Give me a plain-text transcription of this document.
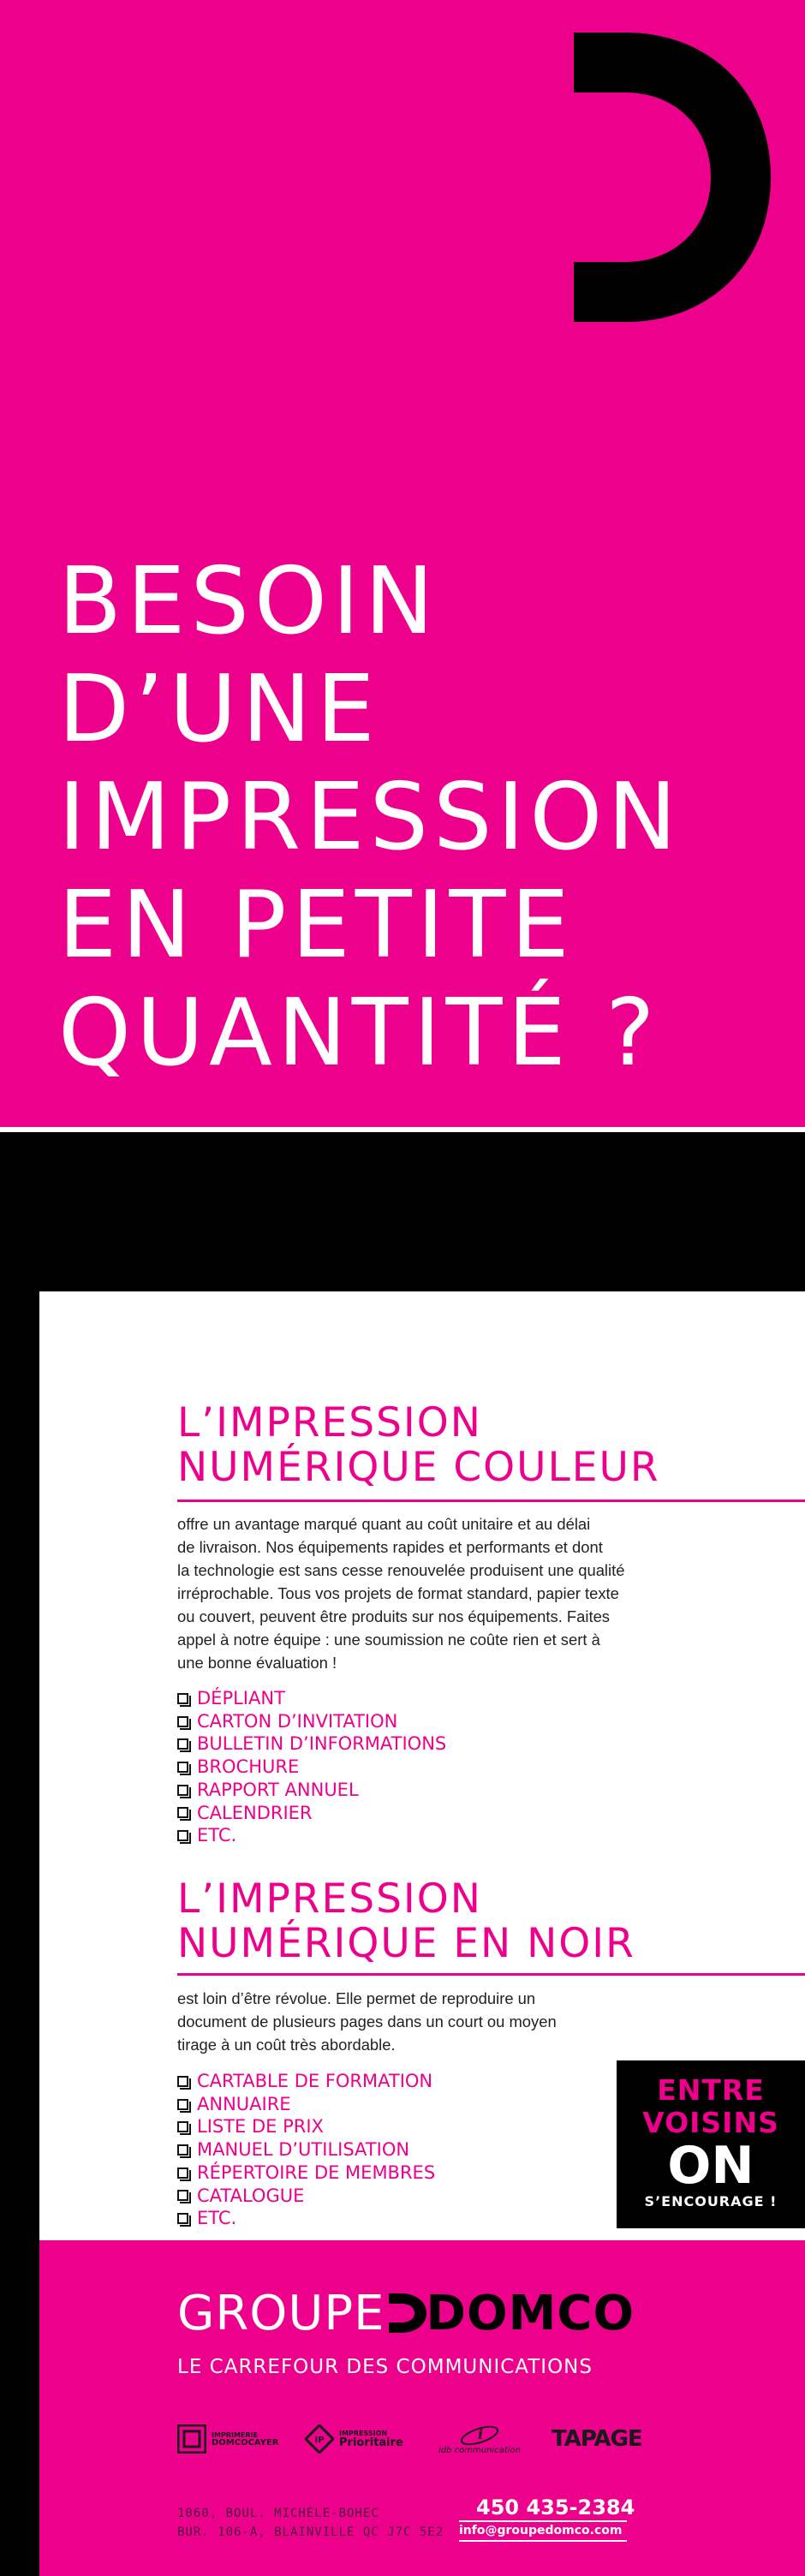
BESOIN
D’UNE
IMPRESSION
EN PETITE
QUANTITÉ ?
L’IMPRESSION
NUMÉRIQUE COULEUR
offre un avantage marqué quant au coût unitaire et au délai
de livraison. Nos équipements rapides et performants et dont
la technologie est sans cesse renouvelée produisent une qualité
irréprochable. Tous vos projets de format standard, papier texte
ou couvert, peuvent être produits sur nos équipements. Faites
appel à notre équipe : une soumission ne coûte rien et sert à
une bonne évaluation !
DÉPLIANT
CARTON D’INVITATION
BULLETIN D’INFORMATIONS
BROCHURE
RAPPORT ANNUEL
CALENDRIER
ETC.
L’IMPRESSION
NUMÉRIQUE EN NOIR
est loin d’être révolue. Elle permet de reproduire un
document de plusieurs pages dans un court ou moyen
tirage à un coût très abordable.
CARTABLE DE FORMATION
ANNUAIRE
LISTE DE PRIX
MANUEL D’UTILISATION
RÉPERTOIRE DE MEMBRES
CATALOGUE
ETC.
ENTRE
VOISINS
ON
S’ENCOURAGE !
GROUPE DOMCO
LE CARREFOUR DES COMMUNICATIONS
IMPRIMERIE
DOMCOCAYER	IP
IMPRESSION
Prioritaire	i
idb communication TAPAGE
1060, BOUL. MICHÈLE-BOHEC
BUR. 106-A, BLAINVILLE QC J7C 5E2
450 435-2384
info@groupedomco.com
